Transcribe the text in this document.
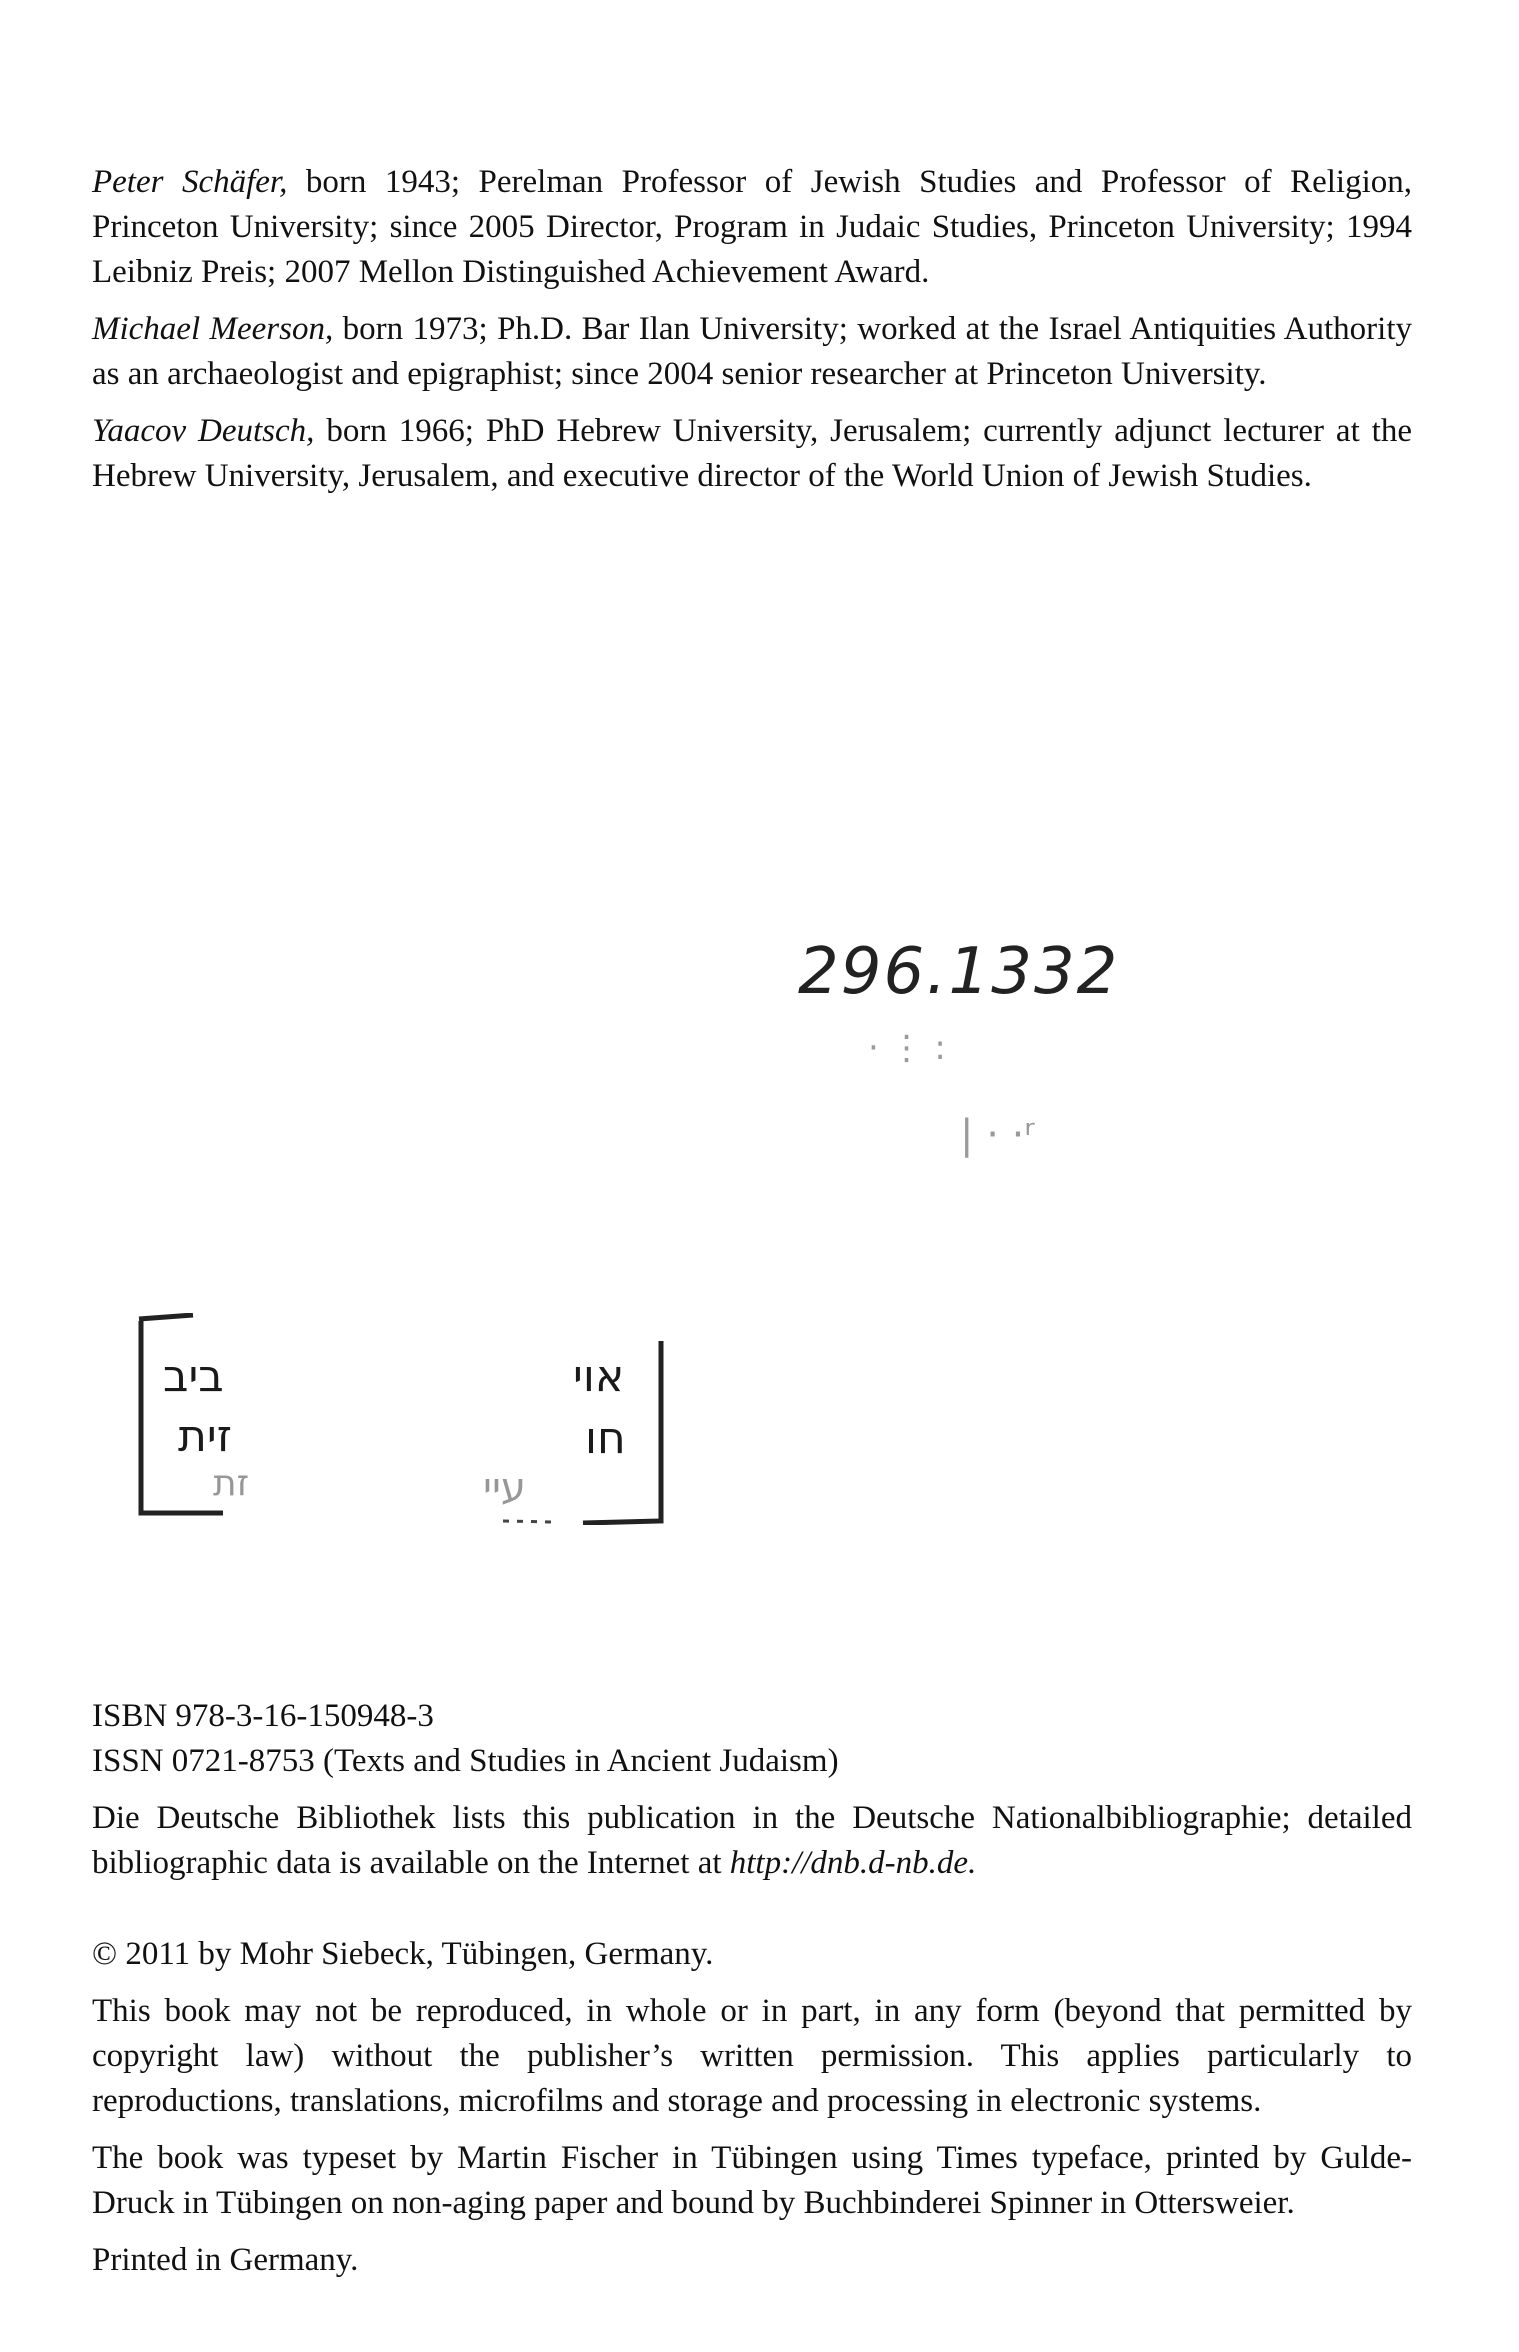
Peter Schäfer, born 1943; Perelman Professor of Jewish Studies and Professor of Religion, Princeton University; since 2005 Director, Program in Judaic Studies, Princeton University; 1994 Leibniz Preis; 2007 Mellon Distinguished Achievement Award.

Michael Meerson, born 1973; Ph.D. Bar Ilan University; worked at the Israel Antiquities Authority as an archaeologist and epigraphist; since 2004 senior researcher at Princeton University.

Yaacov Deutsch, born 1966; PhD Hebrew University, Jerusalem; currently adjunct lecturer at the Hebrew University, Jerusalem, and executive director of the World Union of Jewish Studies.

296.1332
· ⋮ :
| · ·ʳ
ביב	אוי
זית	חו
זת	עיי

ISBN 978-3-16-150948-3

ISSN 0721-8753 (Texts and Studies in Ancient Judaism)

Die Deutsche Bibliothek lists this publication in the Deutsche Nationalbibliographie; detailed bibliographic data is available on the Internet at http://dnb.d-nb.de.

© 2011 by Mohr Siebeck, Tübingen, Germany.

This book may not be reproduced, in whole or in part, in any form (beyond that permitted by copyright law) without the publisher’s written permission. This applies particularly to reproductions, translations, microfilms and storage and processing in electronic systems.

The book was typeset by Martin Fischer in Tübingen using Times typeface, printed by Gulde-Druck in Tübingen on non-aging paper and bound by Buchbinderei Spinner in Ottersweier.

Printed in Germany.
